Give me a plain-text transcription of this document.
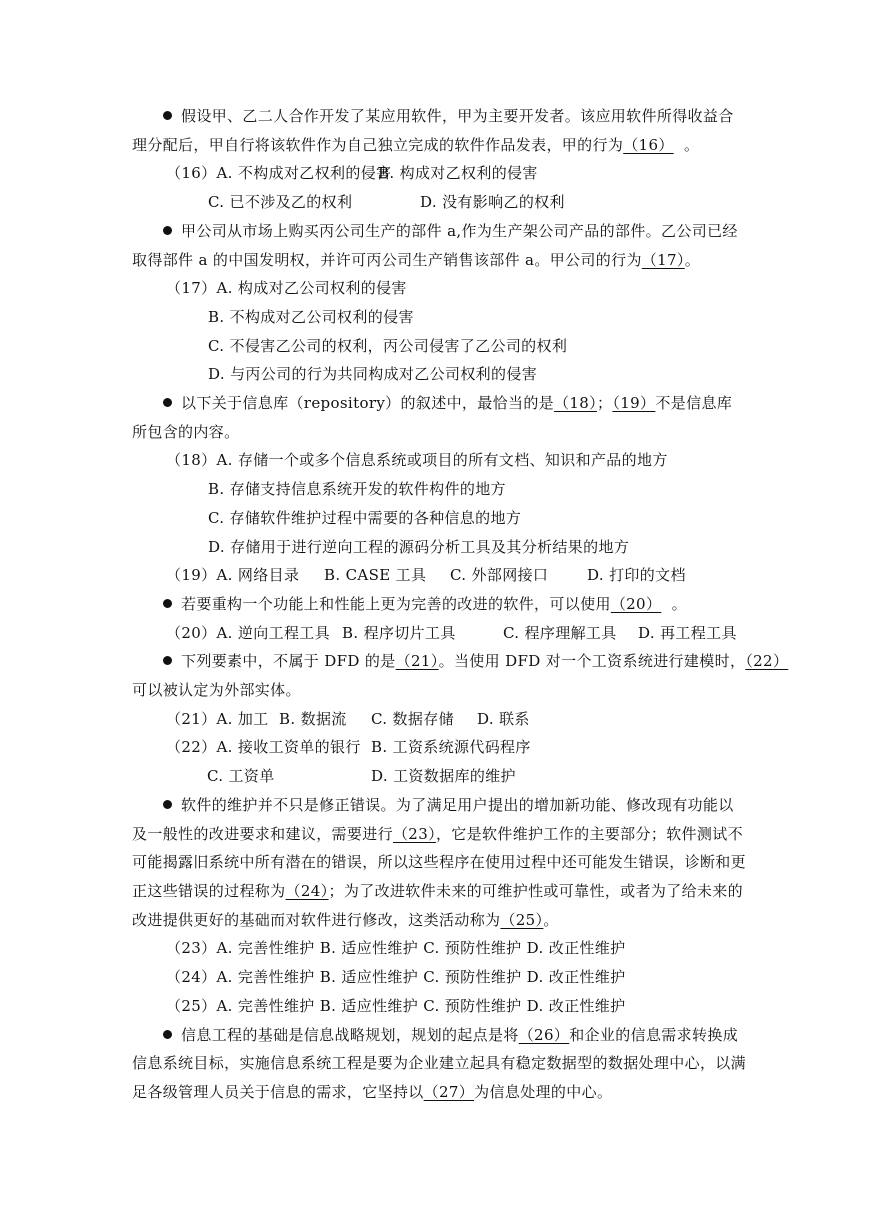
假设甲、乙二人合作开发了某应用软件，甲为主要开发者。该应用软件所得收益合
理分配后，甲自行将该软件作为自己独立完成的软件作品发表，甲的行为（16） 。
（16）A. 不构成对乙权利的侵害B. 构成对乙权利的侵害
C. 已不涉及乙的权利	D. 没有影响乙的权利
甲公司从市场上购买丙公司生产的部件 a,作为生产架公司产品的部件。乙公司已经
取得部件 a 的中国发明权，并许可丙公司生产销售该部件 a。甲公司的行为（17）。
（17）A. 构成对乙公司权利的侵害
B. 不构成对乙公司权利的侵害
C. 不侵害乙公司的权利，丙公司侵害了乙公司的权利
D. 与丙公司的行为共同构成对乙公司权利的侵害
以下关于信息库（repository）的叙述中，最恰当的是（18）；（19）不是信息库
所包含的内容。
（18）A. 存储一个或多个信息系统或项目的所有文档、知识和产品的地方
B. 存储支持信息系统开发的软件构件的地方
C. 存储软件维护过程中需要的各种信息的地方
D. 存储用于进行逆向工程的源码分析工具及其分析结果的地方
（19）A. 网络目录 B. CASE 工具 C. 外部网接口	D. 打印的文档
若要重构一个功能上和性能上更为完善的改进的软件，可以使用（20） 。
（20）A. 逆向工程工具 B. 程序切片工具	C. 程序理解工具 D. 再工程工具
下列要素中，不属于 DFD 的是（21）。当使用 DFD 对一个工资系统进行建模时，（22）
可以被认定为外部实体。
（21）A. 加工 B. 数据流 C. 数据存储 D. 联系
（22）A. 接收工资单的银行 B. 工资系统源代码程序
C. 工资单	D. 工资数据库的维护
软件的维护并不只是修正错误。为了满足用户提出的增加新功能、修改现有功能以
及一般性的改进要求和建议，需要进行（23），它是软件维护工作的主要部分；软件测试不
可能揭露旧系统中所有潜在的错误，所以这些程序在使用过程中还可能发生错误，诊断和更
正这些错误的过程称为（24）；为了改进软件未来的可维护性或可靠性，或者为了给未来的
改进提供更好的基础而对软件进行修改，这类活动称为（25）。
（23）A. 完善性维护 B. 适应性维护 C. 预防性维护 D. 改正性维护
（24）A. 完善性维护 B. 适应性维护 C. 预防性维护 D. 改正性维护
（25）A. 完善性维护 B. 适应性维护 C. 预防性维护 D. 改正性维护
信息工程的基础是信息战略规划，规划的起点是将（26）和企业的信息需求转换成
信息系统目标，实施信息系统工程是要为企业建立起具有稳定数据型的数据处理中心，以满
足各级管理人员关于信息的需求，它坚持以（27）为信息处理的中心。
